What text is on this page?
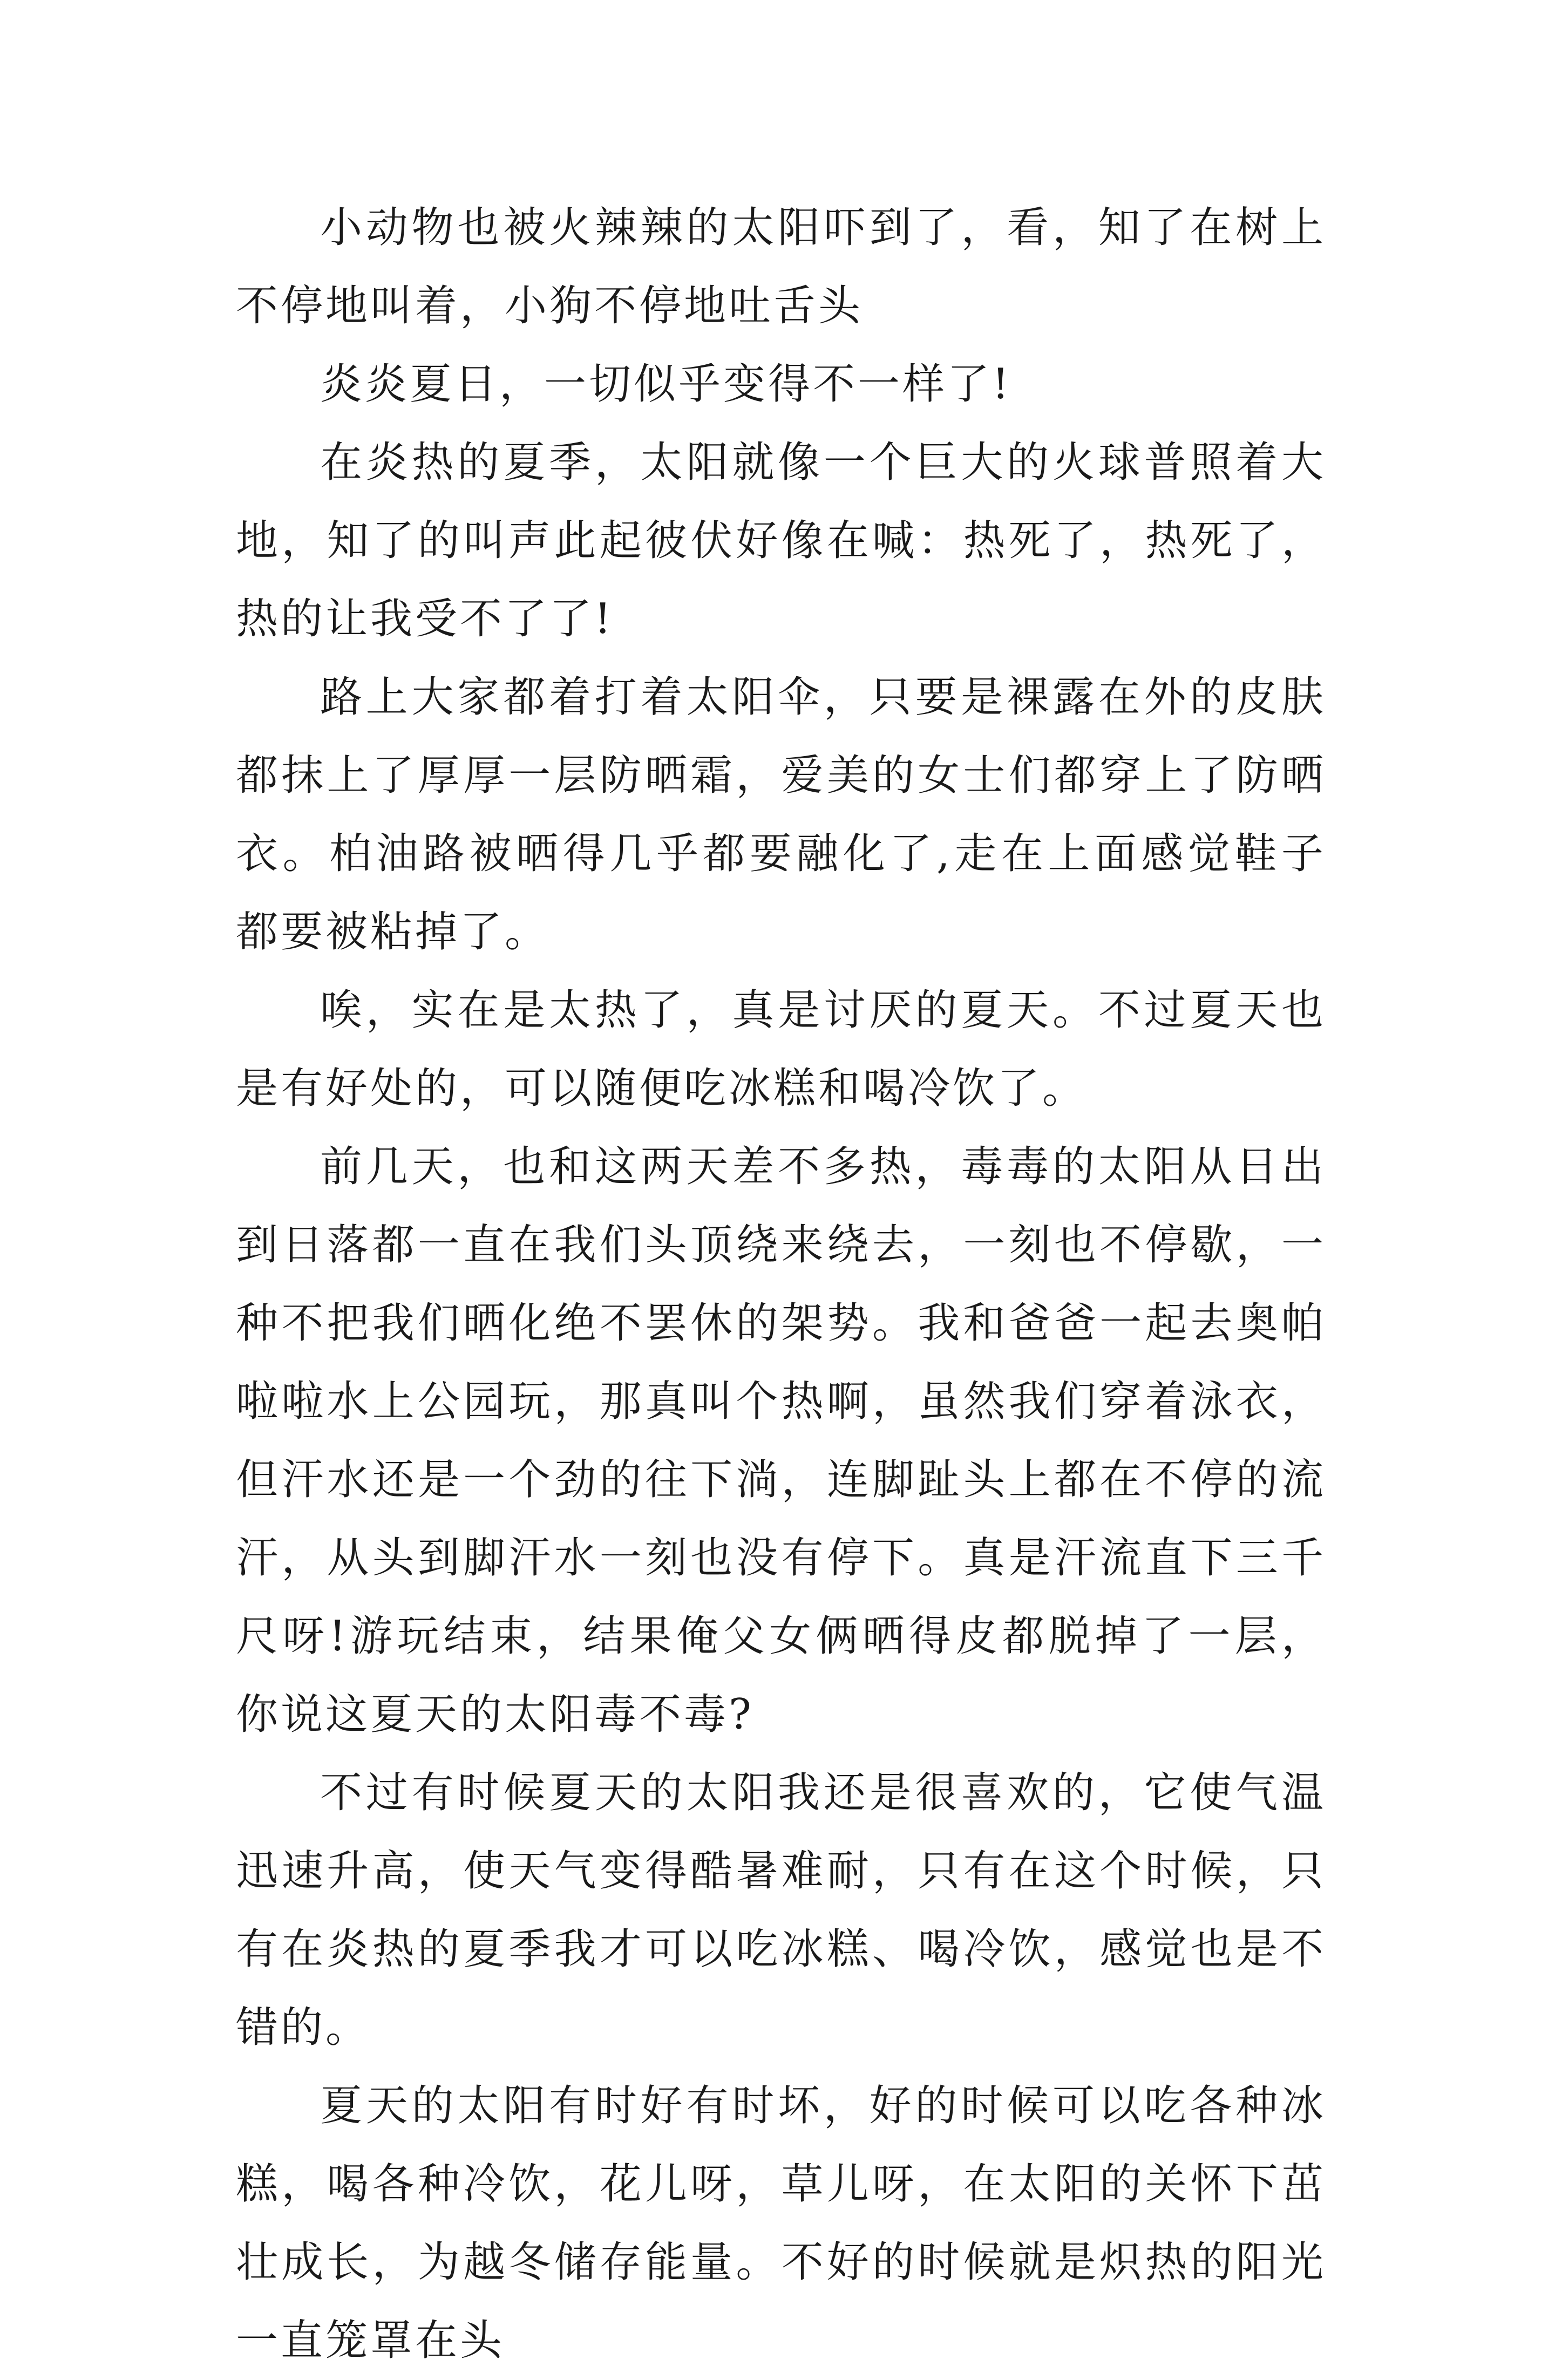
小动物也被火辣辣的太阳吓到了，看，知了在树上不停地叫着，小狗不停地吐舌头

炎炎夏日，一切似乎变得不一样了!

在炎热的夏季，太阳就像一个巨大的火球普照着大地，知了的叫声此起彼伏好像在喊：热死了，热死了，热的让我受不了了!

路上大家都着打着太阳伞，只要是裸露在外的皮肤都抹上了厚厚一层防晒霜，爱美的女士们都穿上了防晒衣。柏油路被晒得几乎都要融化了,走在上面感觉鞋子都要被粘掉了。

唉，实在是太热了，真是讨厌的夏天。不过夏天也是有好处的，可以随便吃冰糕和喝冷饮了。

前几天，也和这两天差不多热，毒毒的太阳从日出到日落都一直在我们头顶绕来绕去，一刻也不停歇，一种不把我们晒化绝不罢休的架势。我和爸爸一起去奥帕啦啦水上公园玩，那真叫个热啊，虽然我们穿着泳衣，但汗水还是一个劲的往下淌，连脚趾头上都在不停的流汗，从头到脚汗水一刻也没有停下。真是汗流直下三千尺呀!游玩结束，结果俺父女俩晒得皮都脱掉了一层，你说这夏天的太阳毒不毒?

不过有时候夏天的太阳我还是很喜欢的，它使气温迅速升高，使天气变得酷暑难耐，只有在这个时候，只有在炎热的夏季我才可以吃冰糕、喝冷饮，感觉也是不错的。

夏天的太阳有时好有时坏，好的时候可以吃各种冰糕，喝各种冷饮，花儿呀，草儿呀，在太阳的关怀下茁壮成长，为越冬储存能量。不好的时候就是炽热的阳光一直笼罩在头
